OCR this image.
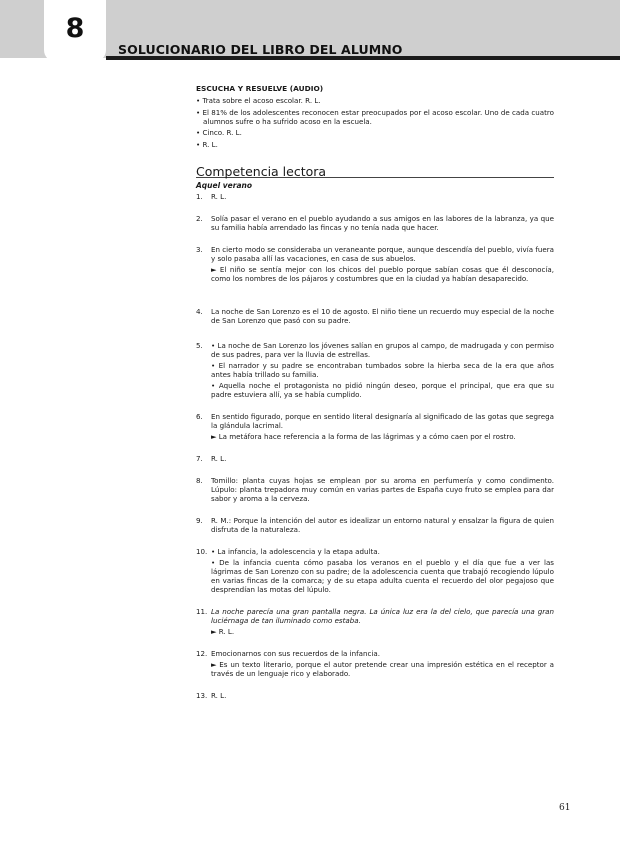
8
SOLUCIONARIO DEL LIBRO DEL ALUMNO
ESCUCHA Y RESUELVE (AUDIO)
• Trata sobre el acoso escolar. R. L.
• El 81% de los adolescentes reconocen estar preocupados por el acoso escolar. Uno de cada cuatro alumnos sufre o ha sufrido acoso en la escuela.
• Cinco. R. L.
• R. L.
Competencia lectora
Aquel verano
1.	R. L.

2.	Solía pasar el verano en el pueblo ayudando a sus amigos en las labores de la labranza, ya que su familia había arrendado las fincas y no tenía nada que hacer.

3.	En cierto modo se consideraba un veraneante porque, aunque descendía del pueblo, vivía fuera y solo pasaba allí las vacaciones, en casa de sus abuelos.

► El niño se sentía mejor con los chicos del pueblo porque sabían cosas que él desconocía, como los nombres de los pájaros y costumbres que en la ciudad ya habían desaparecido.

4.	La noche de San Lorenzo es el 10 de agosto. El niño tiene un recuerdo muy especial de la noche de San Lorenzo que pasó con su padre.

5.	• La noche de San Lorenzo los jóvenes salían en grupos al campo, de madrugada y con permiso de sus padres, para ver la lluvia de estrellas.

• El narrador y su padre se encontraban tumbados sobre la hierba seca de la era que años antes había trillado su familia.

• Aquella noche el protagonista no pidió ningún deseo, porque el principal, que era que su padre estuviera allí, ya se había cumplido.

6.	En sentido figurado, porque en sentido literal designaría al significado de las gotas que segrega la glándula lacrimal.

► La metáfora hace referencia a la forma de las lágrimas y a cómo caen por el rostro.

7.	R. L.

8.	Tomillo: planta cuyas hojas se emplean por su aroma en perfumería y como condimento. Lúpulo: planta trepadora muy común en varias partes de España cuyo fruto se emplea para dar sabor y aroma a la cerveza.

9.	R. M.: Porque la intención del autor es idealizar un entorno natural y ensalzar la figura de quien disfruta de la naturaleza.

10. • La infancia, la adolescencia y la etapa adulta.

• De la infancia cuenta cómo pasaba los veranos en el pueblo y el día que fue a ver las lágrimas de San Lorenzo con su padre; de la adolescencia cuenta que trabajó recogiendo lúpulo en varias fincas de la comarca; y de su etapa adulta cuenta el recuerdo del olor pegajoso que desprendían las motas del lúpulo.

11. La noche parecía una gran pantalla negra. La única luz era la del cielo, que parecía una gran luciérnaga de tan iluminado como estaba.

► R. L.

12. Emocionarnos con sus recuerdos de la infancia.

► Es un texto literario, porque el autor pretende crear una impresión estética en el receptor a través de un lenguaje rico y elaborado.

13. R. L.

61
